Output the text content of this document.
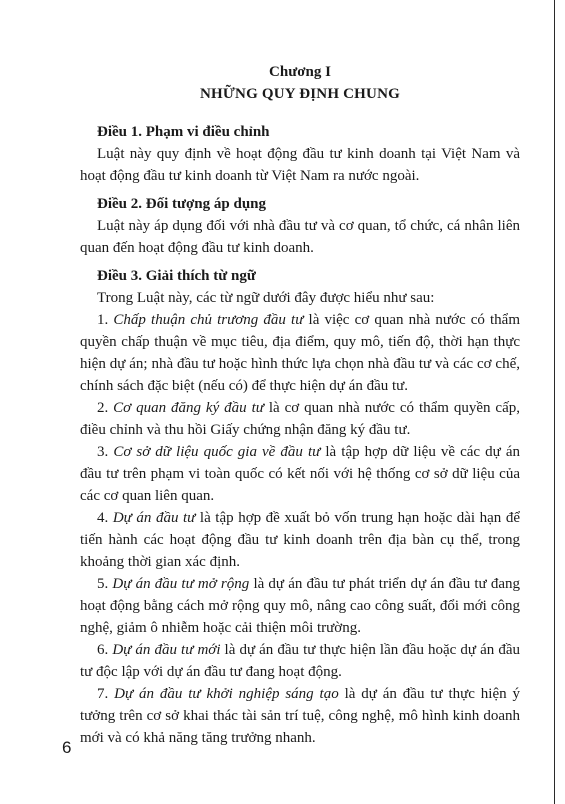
Chương I
NHỮNG QUY ĐỊNH CHUNG

Điều 1. Phạm vi điều chỉnh

Luật này quy định về hoạt động đầu tư kinh doanh tại Việt Nam và hoạt động đầu tư kinh doanh từ Việt Nam ra nước ngoài.

Điều 2. Đối tượng áp dụng

Luật này áp dụng đối với nhà đầu tư và cơ quan, tổ chức, cá nhân liên quan đến hoạt động đầu tư kinh doanh.

Điều 3. Giải thích từ ngữ

Trong Luật này, các từ ngữ dưới đây được hiểu như sau:

1. Chấp thuận chủ trương đầu tư là việc cơ quan nhà nước có thẩm quyền chấp thuận về mục tiêu, địa điểm, quy mô, tiến độ, thời hạn thực hiện dự án; nhà đầu tư hoặc hình thức lựa chọn nhà đầu tư và các cơ chế, chính sách đặc biệt (nếu có) để thực hiện dự án đầu tư.

2. Cơ quan đăng ký đầu tư là cơ quan nhà nước có thẩm quyền cấp, điều chỉnh và thu hồi Giấy chứng nhận đăng ký đầu tư.

3. Cơ sở dữ liệu quốc gia về đầu tư là tập hợp dữ liệu về các dự án đầu tư trên phạm vi toàn quốc có kết nối với hệ thống cơ sở dữ liệu của các cơ quan liên quan.

4. Dự án đầu tư là tập hợp đề xuất bỏ vốn trung hạn hoặc dài hạn để tiến hành các hoạt động đầu tư kinh doanh trên địa bàn cụ thể, trong khoảng thời gian xác định.

5. Dự án đầu tư mở rộng là dự án đầu tư phát triển dự án đầu tư đang hoạt động bằng cách mở rộng quy mô, nâng cao công suất, đổi mới công nghệ, giảm ô nhiễm hoặc cải thiện môi trường.

6. Dự án đầu tư mới là dự án đầu tư thực hiện lần đầu hoặc dự án đầu tư độc lập với dự án đầu tư đang hoạt động.

7. Dự án đầu tư khởi nghiệp sáng tạo là dự án đầu tư thực hiện ý tưởng trên cơ sở khai thác tài sản trí tuệ, công nghệ, mô hình kinh doanh mới và có khả năng tăng trưởng nhanh.

6
